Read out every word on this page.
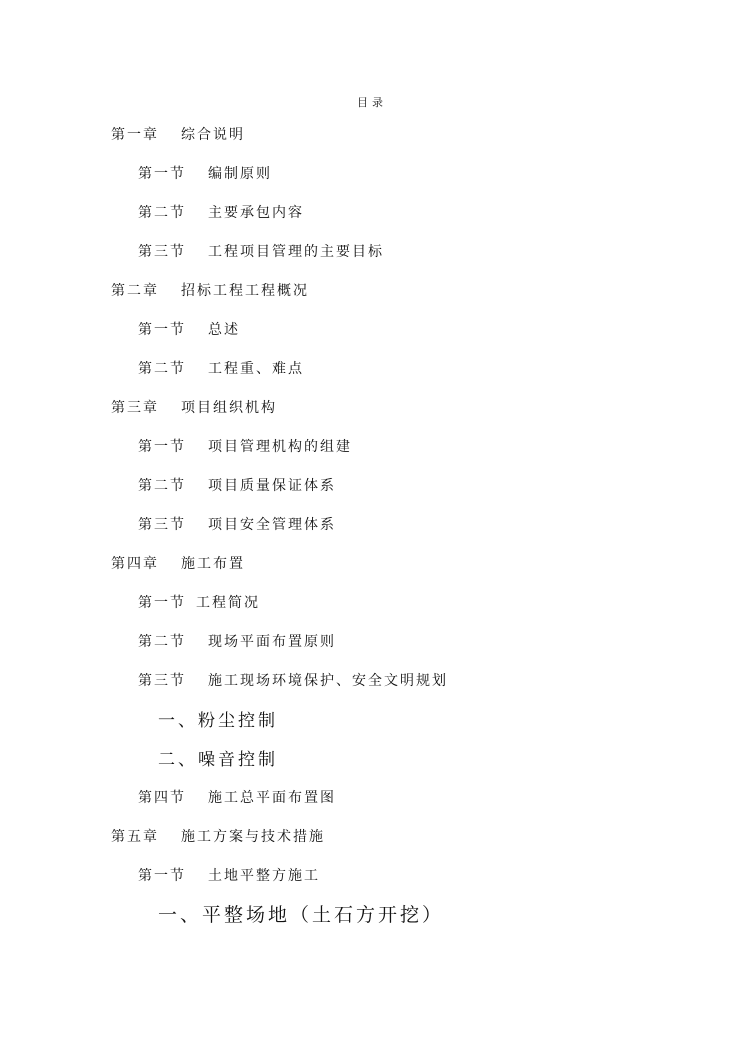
目录
第一章 综合说明
第一节 编制原则
第二节 主要承包内容
第三节 工程项目管理的主要目标
第二章 招标工程工程概况
第一节 总述
第二节 工程重、难点
第三章 项目组织机构
第一节 项目管理机构的组建
第二节 项目质量保证体系
第三节 项目安全管理体系
第四章 施工布置
第一节 工程简况
第二节 现场平面布置原则
第三节 施工现场环境保护、安全文明规划
一、粉尘控制
二、噪音控制
第四节 施工总平面布置图
第五章 施工方案与技术措施
第一节 土地平整方施工
一、平整场地（土石方开挖）
